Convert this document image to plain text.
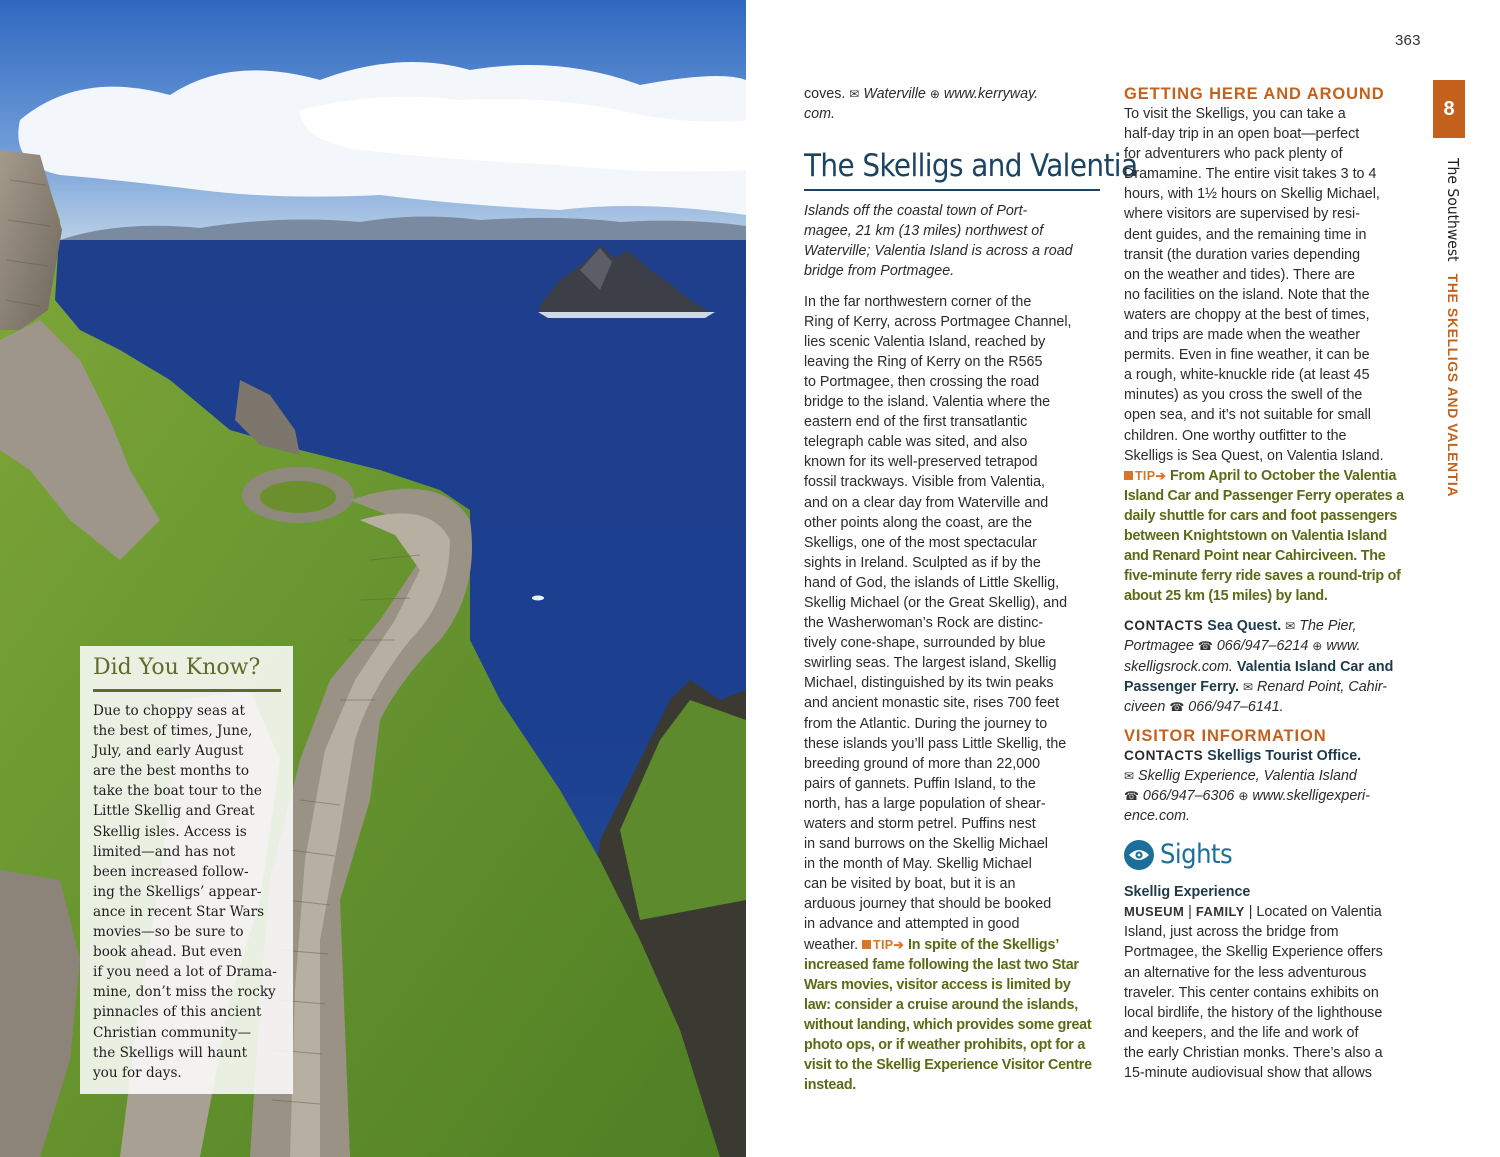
Did You Know?
Due to choppy seas at
the best of times, June,
July, and early August
are the best months to
take the boat tour to the
Little Skellig and Great
Skellig isles. Access is
limited—and has not
been increased follow-
ing the Skelligs’ appear-
ance in recent Star Wars
movies—so be sure to
book ahead. But even
if you need a lot of Drama-
mine, don’t miss the rocky
pinnacles of this ancient
Christian community—
the Skelligs will haunt
you for days.
363
8
The SouthwestTHE SKELLIGS AND VALENTIA
coves. ✉ Waterville ⊕ www.kerryway.
com.
The Skelligs and Valentia
Islands off the coastal town of Port-
magee, 21 km (13 miles) northwest of
Waterville; Valentia Island is across a road
bridge from Portmagee.
In the far northwestern corner of the
Ring of Kerry, across Portmagee Channel,
lies scenic Valentia Island, reached by
leaving the Ring of Kerry on the R565
to Portmagee, then crossing the road
bridge to the island. Valentia where the
eastern end of the first transatlantic
telegraph cable was sited, and also
known for its well-preserved tetrapod
fossil trackways. Visible from Valentia,
and on a clear day from Waterville and
other points along the coast, are the
Skelligs, one of the most spectacular
sights in Ireland. Sculpted as if by the
hand of God, the islands of Little Skellig,
Skellig Michael (or the Great Skellig), and
the Washerwoman’s Rock are distinc-
tively cone-shape, surrounded by blue
swirling seas. The largest island, Skellig
Michael, distinguished by its twin peaks
and ancient monastic site, rises 700 feet
from the Atlantic. During the journey to
these islands you’ll pass Little Skellig, the
breeding ground of more than 22,000
pairs of gannets. Puffin Island, to the
north, has a large population of shear-
waters and storm petrel. Puffins nest
in sand burrows on the Skellig Michael
in the month of May. Skellig Michael
can be visited by boat, but it is an
arduous journey that should be booked
in advance and attempted in good
weather. TIP➔ In spite of the Skelligs’
increased fame following the last two Star
Wars movies, visitor access is limited by
law: consider a cruise around the islands,
without landing, which provides some great
photo ops, or if weather prohibits, opt for a
visit to the Skellig Experience Visitor Centre
instead.
GETTING HERE AND AROUND
To visit the Skelligs, you can take a
half-day trip in an open boat—perfect
for adventurers who pack plenty of
Dramamine. The entire visit takes 3 to 4
hours, with 1½ hours on Skellig Michael,
where visitors are supervised by resi-
dent guides, and the remaining time in
transit (the duration varies depending
on the weather and tides). There are
no facilities on the island. Note that the
waters are choppy at the best of times,
and trips are made when the weather
permits. Even in fine weather, it can be
a rough, white-knuckle ride (at least 45
minutes) as you cross the swell of the
open sea, and it’s not suitable for small
children. One worthy outfitter to the
Skelligs is Sea Quest, on Valentia Island.
TIP➔ From April to October the Valentia
Island Car and Passenger Ferry operates a
daily shuttle for cars and foot passengers
between Knightstown on Valentia Island
and Renard Point near Cahirciveen. The
five-minute ferry ride saves a round-trip of
about 25 km (15 miles) by land.
CONTACTS Sea Quest. ✉ The Pier,
Portmagee ☎ 066/947–6214 ⊕ www.
skelligsrock.com. Valentia Island Car and
Passenger Ferry. ✉ Renard Point, Cahir-
civeen ☎ 066/947–6141.
VISITOR INFORMATION
CONTACTS Skelligs Tourist Office.
✉ Skellig Experience, Valentia Island
☎ 066/947–6306 ⊕ www.skelligexperi-
ence.com.
Sights
Skellig Experience
MUSEUM | FAMILY | Located on Valentia
Island, just across the bridge from
Portmagee, the Skellig Experience offers
an alternative for the less adventurous
traveler. This center contains exhibits on
local birdlife, the history of the lighthouse
and keepers, and the life and work of
the early Christian monks. There’s also a
15-minute audiovisual show that allows
